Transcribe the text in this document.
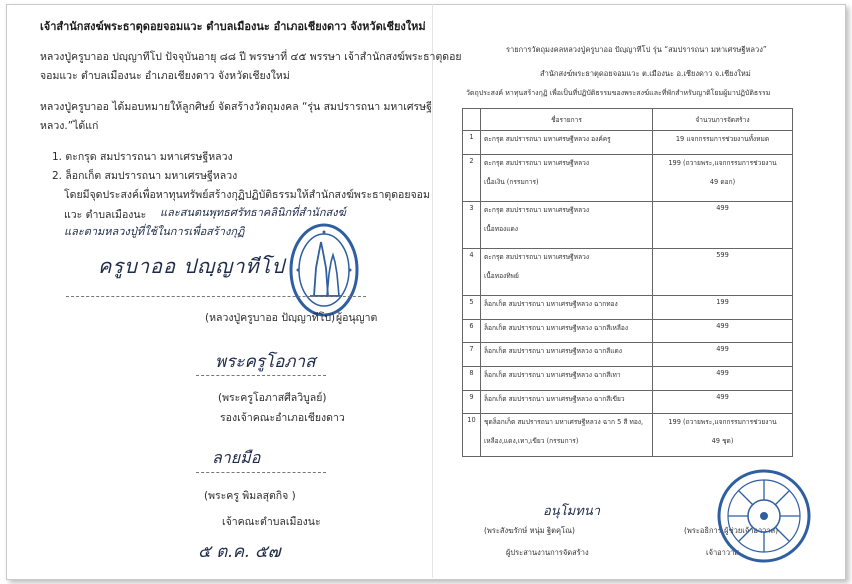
เจ้าสำนักสงฆ์พระธาตุดอยจอมแวะ ตำบลเมืองนะ อำเภอเชียงดาว จังหวัดเชียงใหม่
หลวงปู่ครูบาออ ปญฺญาทีโป ปัจจุบันอายุ ๘๘ ปี พรรษาที่ ๔๕ พรรษา เจ้าสำนักสงฆ์พระธาตุดอย
จอมแวะ ตำบลเมืองนะ อำเภอเชียงดาว จังหวัดเชียงใหม่
หลวงปู่ครูบาออ ได้มอบหมายให้ลูกศิษย์ จัดสร้างวัตถุมงคล “รุ่น สมปรารถนา มหาเศรษฐี
หลวง.”ได้แก่
1. ตะกรุด สมปรารถนา มหาเศรษฐีหลวง
2. ล็อกเก็ต สมปรารถนา มหาเศรษฐีหลวง
โดยมีจุดประสงค์เพื่อหาทุนทรัพย์สร้างกุฏิปฏิบัติธรรมให้สำนักสงฆ์พระธาตุดอยจอม
แวะ ตำบลเมืองนะ และสนตนพุทธศรัทธาคลินิกที่สำนักสงฆ์
และตามหลวงปู่ที่ใช้ในการเพื่อสร้างกุฏิ
ครูบาออ ปญฺญาทีโป
(หลวงปู่ครูบาออ ปัญฺญาทีโป) ผู้อนุญาต
พระครูโอภาส
(พระครูโอภาสศีลวิบูลย์)
รองเจ้าคณะอำเภอเชียงดาว
ลายมือ
(พระครู พิมลสุตกิจ )
เจ้าคณะตำบลเมืองนะ
๕ ต.ค. ๕๗
รายการวัตถุมงคลหลวงปู่ครูบาออ ปัญฺญาทีโป รุ่น “สมปรารถนา มหาเศรษฐีหลวง”
สำนักสงฆ์พระธาตุดอยจอมแวะ ต.เมืองนะ อ.เชียงดาว จ.เชียงใหม่
วัตถุประสงค์ หาทุนสร้างกุฏิ เพื่อเป็นที่ปฏิบัติธรรมของพระสงฆ์และที่พักสำหรับญาติโยมผู้มาปฏิบัติธรรม
	ชื่อรายการ	จำนวนการจัดสร้าง
1	ตะกรุด สมปรารถนา มหาเศรษฐีหลวง องค์ครู	19 แจกกรรมการช่วยงานทั้งหมด
2	ตะกรุด สมปรารถนา มหาเศรษฐีหลวง
เนื้อเงิน (กรรมการ)	199 (ถวายพระ,แจกกรรมการช่วยงาน
49 ดอก)

3	ตะกรุด สมปรารถนา มหาเศรษฐีหลวง
เนื้อทองแดง	499
4	ตะกรุด สมปรารถนา มหาเศรษฐีหลวง
เนื้อทองทิพย์	599
5	ล็อกเก็ต สมปรารถนา มหาเศรษฐีหลวง ฉากทอง	199
6	ล็อกเก็ต สมปรารถนา มหาเศรษฐีหลวง ฉากสีเหลือง	499
7	ล็อกเก็ต สมปรารถนา มหาเศรษฐีหลวง ฉากสีแดง	499
8	ล็อกเก็ต สมปรารถนา มหาเศรษฐีหลวง ฉากสีเทา	499
9	ล็อกเก็ต สมปรารถนา มหาเศรษฐีหลวง ฉากสีเขียว	499
10	ชุดล็อกเก็ต สมปรารถนา มหาเศรษฐีหลวง ฉาก 5 สี ทอง,
เหลือง,แดง,เทา,เขียว (กรรมการ)	199 (ถวายพระ,แจกกรรมการช่วยงาน
49 ชุด)
อนุโมทนา
(พระสังฆรักษ์ หนุ่ม ฐิตคุโณ)
ผู้ประสานงานการจัดสร้าง
(พระอธิการ ผู้ช่วยเจ้าอาวาส)
เจ้าอาวาส
